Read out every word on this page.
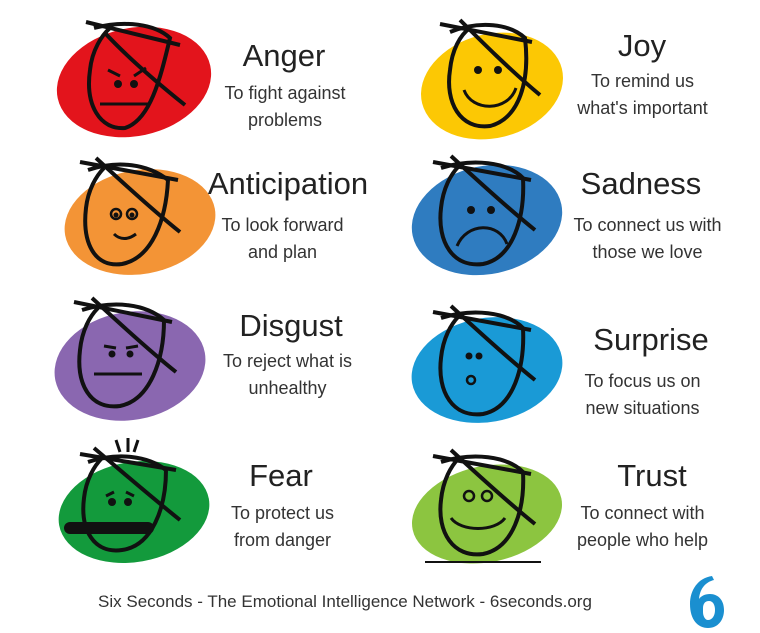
Anger
To fight against
problems
Joy
To remind us
what's important
Anticipation
To look forward
and plan
Sadness
To connect us with
those we love
Disgust
To reject what is
unhealthy
Surprise
To focus us on
new situations
Fear
To protect us
from danger
Trust
To connect with
people who help
Six Seconds - The Emotional Intelligence Network - 6seconds.org
